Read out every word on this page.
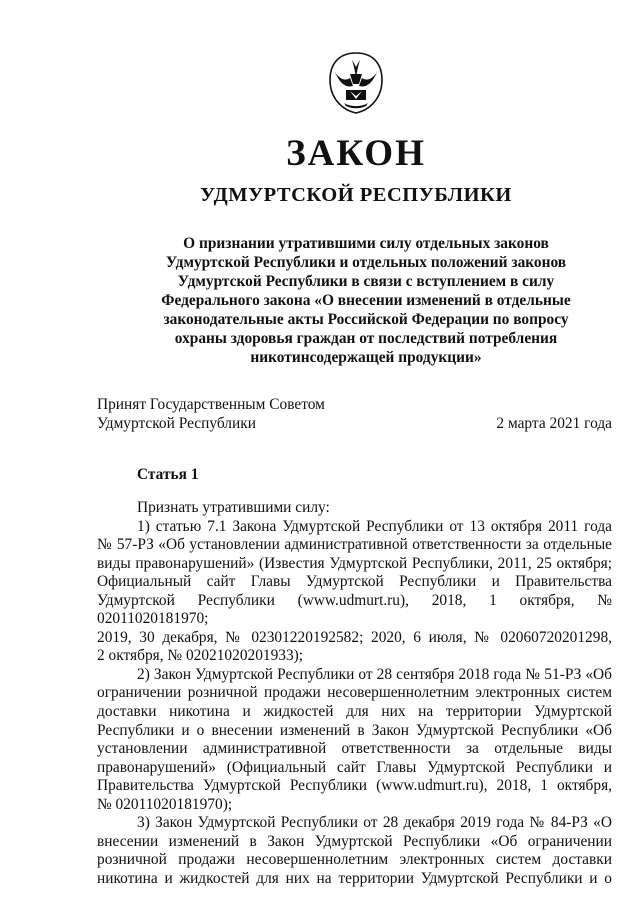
ЗАКОН
УДМУРТСКОЙ РЕСПУБЛИКИ
О признании утратившими силу отдельных законов
Удмуртской Республики и отдельных положений законов
Удмуртской Республики в связи с вступлением в силу
Федерального закона «О внесении изменений в отдельные
законодательные акты Российской Федерации по вопросу
охраны здоровья граждан от последствий потребления
никотинсодержащей продукции»
Принят Государственным Советом
Удмуртской Республики	2 марта 2021 года
Статья 1
Признать утратившими силу:
1) статью 7.1 Закона Удмуртской Республики от 13 октября 2011 года
№ 57-РЗ «Об установлении административной ответственности за отдельные
виды правонарушений» (Известия Удмуртской Республики, 2011, 25 октября;
Официальный сайт Главы Удмуртской Республики и Правительства
Удмуртской Республики (www.udmurt.ru), 2018, 1 октября, № 02011020181970;
2019, 30 декабря, № 02301220192582; 2020, 6 июля, № 02060720201298,
2 октября, № 02021020201933);
2) Закон Удмуртской Республики от 28 сентября 2018 года № 51-РЗ «Об
ограничении розничной продажи несовершеннолетним электронных систем
доставки никотина и жидкостей для них на территории Удмуртской
Республики и о внесении изменений в Закон Удмуртской Республики «Об
установлении административной ответственности за отдельные виды
правонарушений» (Официальный сайт Главы Удмуртской Республики и
Правительства Удмуртской Республики (www.udmurt.ru), 2018, 1 октября,
№ 02011020181970);
3) Закон Удмуртской Республики от 28 декабря 2019 года № 84-РЗ «О
внесении изменений в Закон Удмуртской Республики «Об ограничении
розничной продажи несовершеннолетним электронных систем доставки
никотина и жидкостей для них на территории Удмуртской Республики и о
